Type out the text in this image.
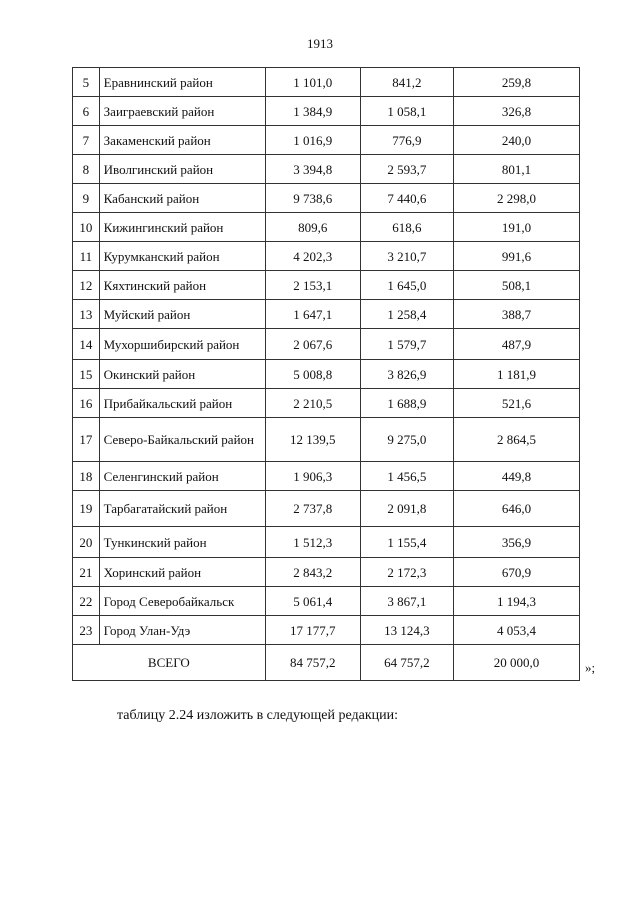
1913
5	Еравнинский район	1 101,0	841,2	259,8
6	Заиграевский район	1 384,9	1 058,1	326,8
7	Закаменский район	1 016,9	776,9	240,0
8	Иволгинский район	3 394,8	2 593,7	801,1
9	Кабанский район	9 738,6	7 440,6	2 298,0
10	Кижингинский район	809,6	618,6	191,0
11	Курумканский район	4 202,3	3 210,7	991,6
12	Кяхтинский район	2 153,1	1 645,0	508,1
13	Муйский район	1 647,1	1 258,4	388,7
14	Мухоршибирский район	2 067,6	1 579,7	487,9
15	Окинский район	5 008,8	3 826,9	1 181,9
16	Прибайкальский район	2 210,5	1 688,9	521,6
17	Северо-Байкальский район	12 139,5	9 275,0	2 864,5
18	Селенгинский район	1 906,3	1 456,5	449,8
19	Тарбагатайский район	2 737,8	2 091,8	646,0
20	Тункинский район	1 512,3	1 155,4	356,9
21	Хоринский район	2 843,2	2 172,3	670,9
22	Город Северобайкальск	5 061,4	3 867,1	1 194,3
23	Город Улан-Удэ	17 177,7	13 124,3	4 053,4
ВСЕГО		84 757,2	64 757,2	20 000,0	»;
таблицу 2.24 изложить в следующей редакции:
